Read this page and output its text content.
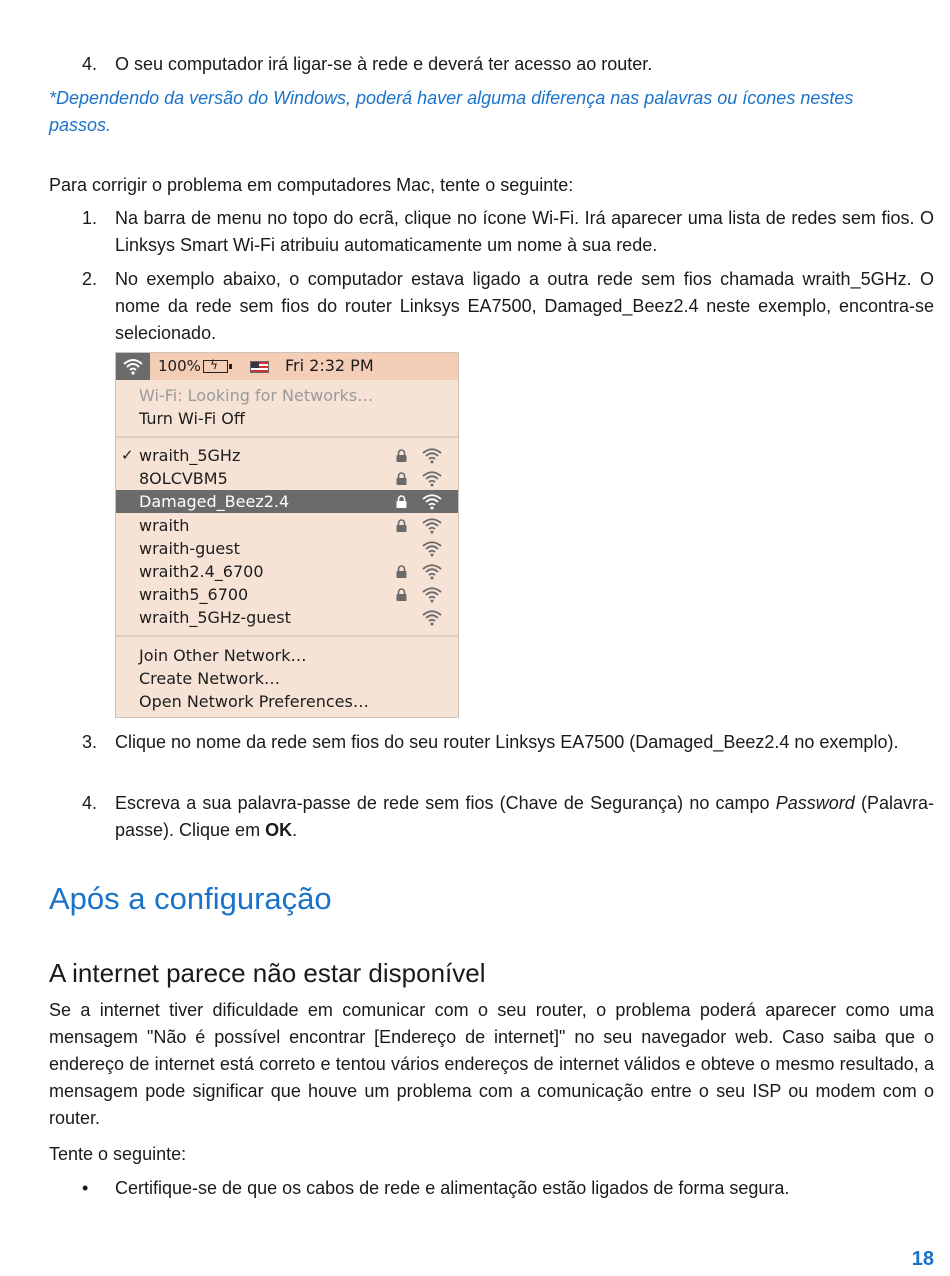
4. O seu computador irá ligar-se à rede e deverá ter acesso ao router.
*Dependendo da versão do Windows, poderá haver alguma diferença nas palavras ou ícones nestes
passos.
Para corrigir o problema em computadores Mac, tente o seguinte:
1. Na barra de menu no topo do ecrã, clique no ícone Wi-Fi. Irá aparecer uma lista de redes sem fios. O Linksys Smart Wi-Fi atribuiu automaticamente um nome à sua rede.
2. No exemplo abaixo, o computador estava ligado a outra rede sem fios chamada wraith_5GHz. O nome da rede sem fios do router Linksys EA7500, Damaged_Beez2.4 neste exemplo, encontra-se selecionado.
3. Clique no nome da rede sem fios do seu router Linksys EA7500 (Damaged_Beez2.4 no exemplo).
4. Escreva a sua palavra-passe de rede sem fios (Chave de Segurança) no campo Password (Palavra-passe). Clique em OK.
Após a configuração
A internet parece não estar disponível
Se a internet tiver dificuldade em comunicar com o seu router, o problema poderá aparecer como uma mensagem "Não é possível encontrar [Endereço de internet]" no seu navegador web. Caso saiba que o endereço de internet está correto e tentou vários endereços de internet válidos e obteve o mesmo resultado, a mensagem pode significar que houve um problema com a comunicação entre o seu ISP ou modem com o router.
Tente o seguinte:
• Certifique-se de que os cabos de rede e alimentação estão ligados de forma segura.
100% ϟ	Fri 2:32 PM
Wi-Fi: Looking for Networks…
Turn Wi-Fi Off
✓ wraith_5GHz
8OLCVBM5
Damaged_Beez2.4
wraith
wraith-guest
wraith2.4_6700
wraith5_6700
wraith_5GHz-guest
Join Other Network…
Create Network…
Open Network Preferences…
18
